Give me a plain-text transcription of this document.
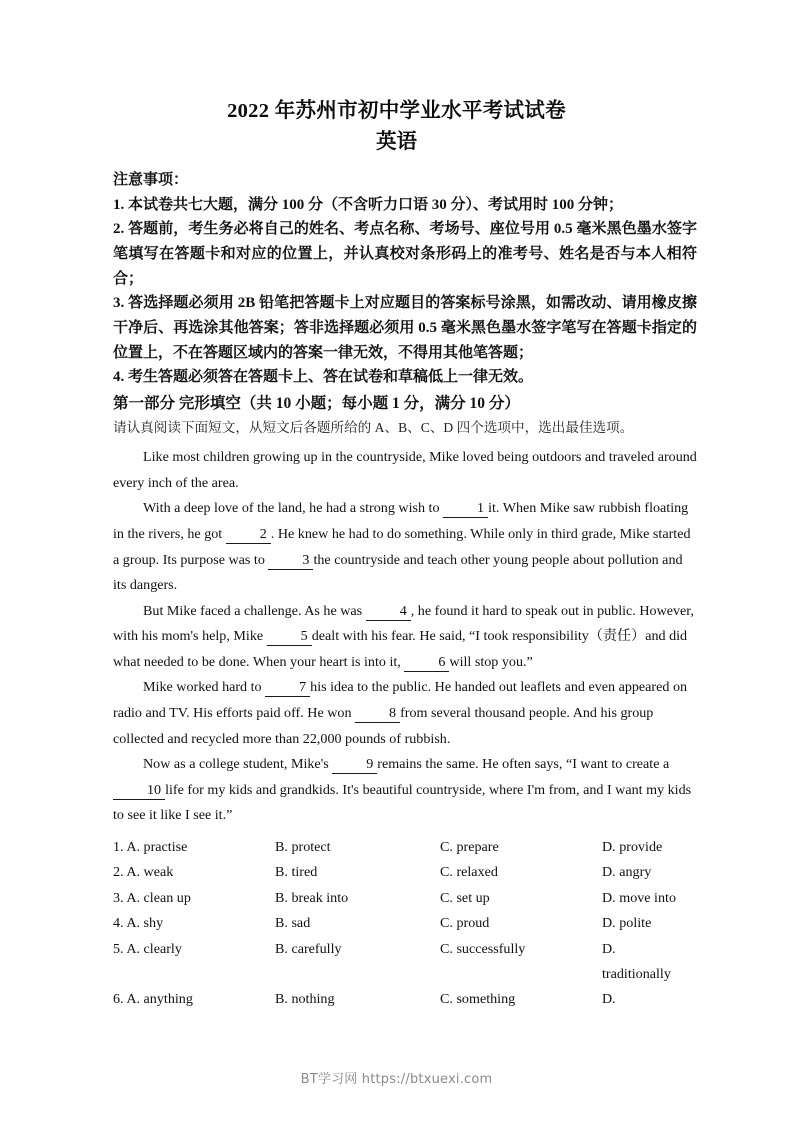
2022 年苏州市初中学业水平考试试卷
英语
注意事项：
1. 本试卷共七大题，满分 100 分（不含听力口语 30 分）、考试用时 100 分钟；
2. 答题前，考生务必将自己的姓名、考点名称、考场号、座位号用 0.5 毫米黑色墨水签字笔填写在答题卡和对应的位置上，并认真校对条形码上的准考号、姓名是否与本人相符合；
3. 答选择题必须用 2B 铅笔把答题卡上对应题目的答案标号涂黑，如需改动、请用橡皮擦干净后、再选涂其他答案；答非选择题必须用 0.5 毫米黑色墨水签字笔写在答题卡指定的位置上，不在答题区域内的答案一律无效，不得用其他笔答题；
4. 考生答题必须答在答题卡上、答在试卷和草稿低上一律无效。
第一部分 完形填空（共 10 小题；每小题 1 分，满分 10 分）
请认真阅读下面短文，从短文后各题所给的 A、B、C、D 四个选项中，选出最佳选项。

Like most children growing up in the countryside, Mike loved being outdoors and traveled around every inch of the area.

With a deep love of the land, he had a strong wish to	1 it. When Mike saw rubbish floating in the rivers, he got	2 . He knew he had to do something. While only in third grade, Mike started a group. Its purpose was to	3 the countryside and teach other young people about pollution and its dangers.

But Mike faced a challenge. As he was	4 , he found it hard to speak out in public. However, with his mom's help, Mike	5 dealt with his fear. He said, “I took responsibility（责任）and did what needed to be done. When your heart is into it,	6 will stop you.”

Mike worked hard to	7 his idea to the public. He handed out leaflets and even appeared on radio and TV. His efforts paid off. He won	8 from several thousand people. And his group collected and recycled more than 22,000 pounds of rubbish.

Now as a college student, Mike's	9 remains the same. He often says, “I want to create a 10 life for my kids and grandkids. It's beautiful countryside, where I'm from, and I want my kids to see it like I see it.”

1. A. practise	B. protect	C. prepare	D. provide
2. A. weak	B. tired	C. relaxed	D. angry
3. A. clean up	B. break into	C. set up	D. move into
4. A. shy	B. sad	C. proud	D. polite
5. A. clearly	B. carefully	C. successfully	D. traditionally
6. A. anything	B. nothing	C. something	D.
BT学习网 https://btxuexi.com
